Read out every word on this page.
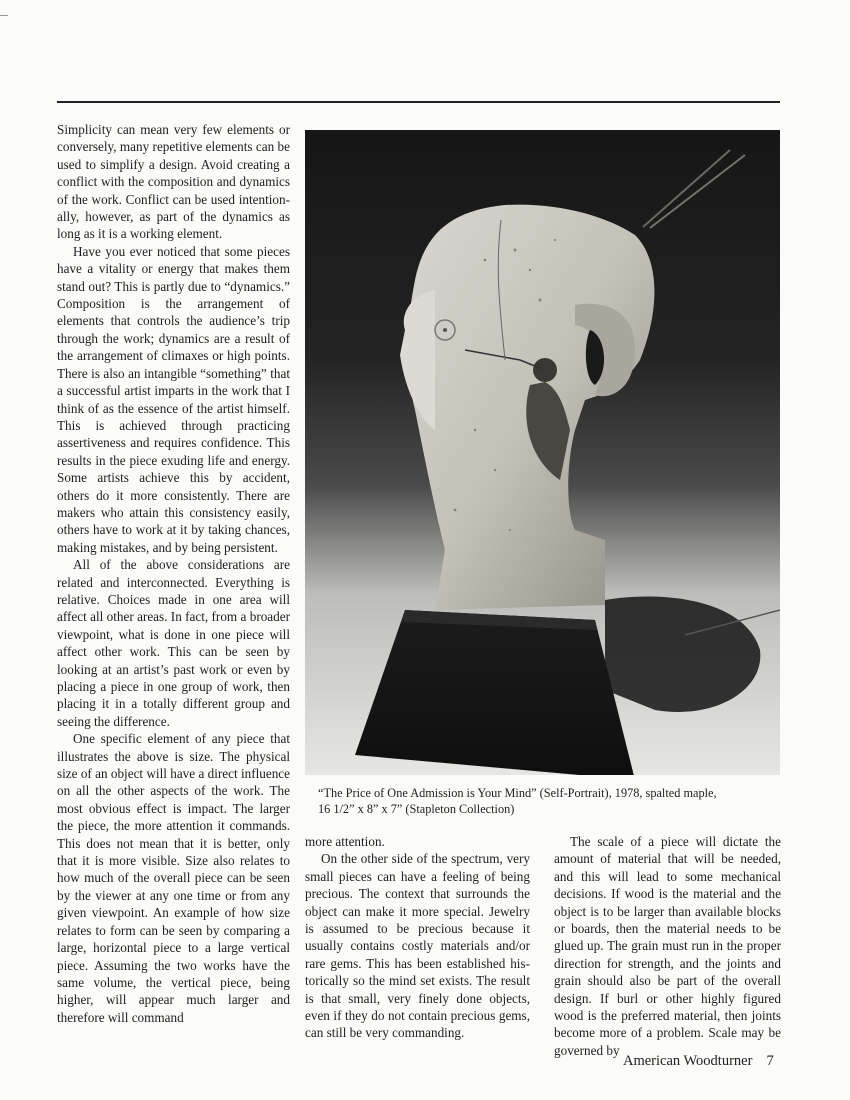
Simplicity can mean very few elements or conversely, many repetitive elements can be used to simplify a design. Avoid creating a conflict with the composition and dynamics of the work. Conflict can be used intentionally, however, as part of the dynamics as long as it is a working element.

Have you ever noticed that some pieces have a vitality or energy that makes them stand out? This is partly due to “dynamics.” Composition is the arrangement of elements that controls the audience’s trip through the work; dynamics are a result of the arrangement of climaxes or high points. There is also an intangible “something” that a successful artist imparts in the work that I think of as the essence of the artist himself. This is achieved through practicing assertiveness and requires confidence. This results in the piece exuding life and energy. Some artists achieve this by accident, others do it more consistently. There are makers who attain this consistency easily, others have to work at it by taking chances, making mistakes, and by being persistent.

All of the above considerations are related and interconnected. Everything is relative. Choices made in one area will affect all other areas. In fact, from a broader viewpoint, what is done in one piece will affect other work. This can be seen by looking at an artist’s past work or even by placing a piece in one group of work, then placing it in a totally different group and seeing the difference.

One specific element of any piece that illustrates the above is size. The physical size of an object will have a direct influence on all the other aspects of the work. The most obvious effect is impact. The larger the piece, the more attention it commands. This does not mean that it is better, only that it is more visible. Size also relates to how much of the overall piece can be seen by the viewer at any one time or from any given viewpoint. An example of how size relates to form can be seen by comparing a large, horizontal piece to a large vertical piece. Assuming the two works have the same volume, the vertical piece, being higher, will appear much larger and therefore will command

“The Price of One Admission is Your Mind” (Self-Portrait), 1978, spalted maple,
16 1/2” x 8” x 7” (Stapleton Collection)

more attention.

On the other side of the spectrum, very small pieces can have a feeling of being precious. The context that surrounds the object can make it more special. Jewelry is assumed to be precious because it usually contains costly materials and/or rare gems. This has been established historically so the mind set exists. The result is that small, very finely done objects, even if they do not contain precious gems, can still be very commanding.

The scale of a piece will dictate the amount of material that will be needed, and this will lead to some mechanical decisions. If wood is the material and the object is to be larger than available blocks or boards, then the material needs to be glued up. The grain must run in the proper direction for strength, and the joints and grain should also be part of the overall design. If burl or other highly figured wood is the preferred material, then joints become more of a problem. Scale may be governed by

American Woodturner 7
